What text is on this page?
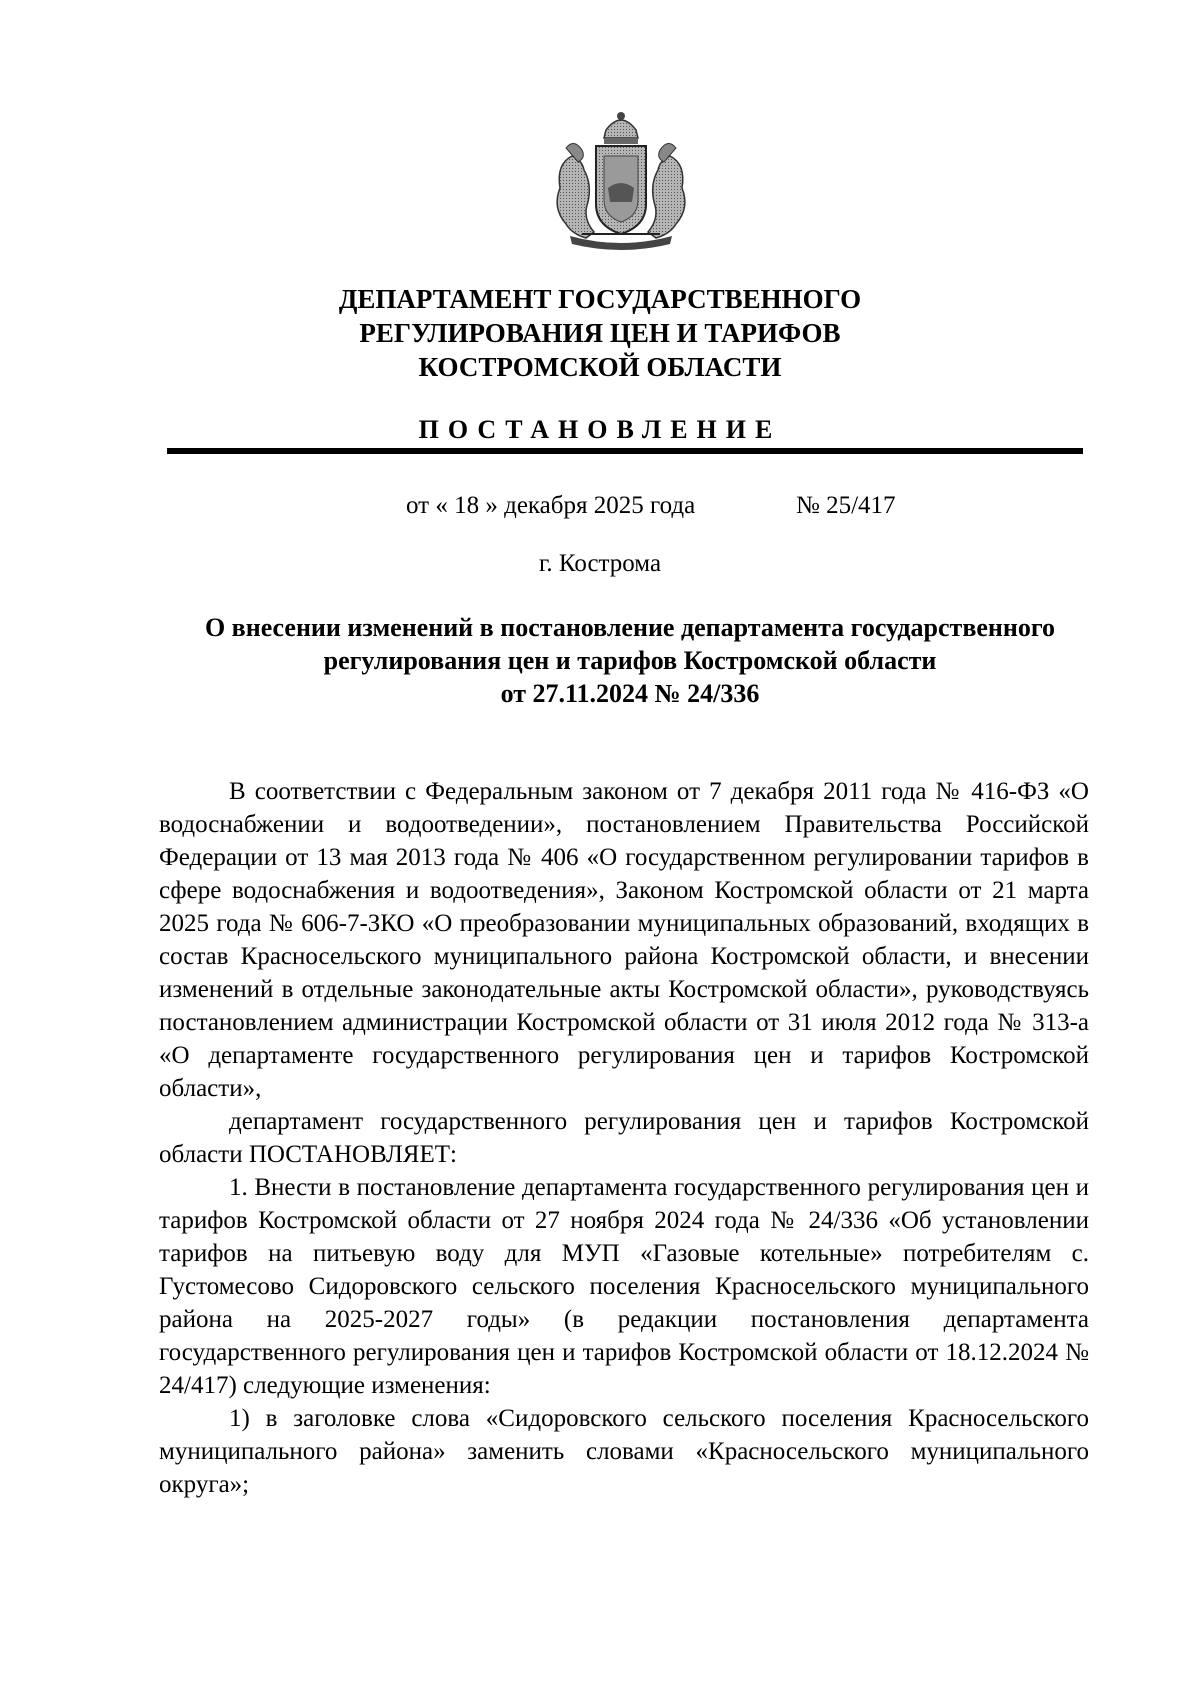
ДЕПАРТАМЕНТ ГОСУДАРСТВЕННОГО
РЕГУЛИРОВАНИЯ ЦЕН И ТАРИФОВ
КОСТРОМСКОЙ ОБЛАСТИ
ПОСТАНОВЛЕНИЕ
от « 18 » декабря 2025 года	№ 25/417
г. Кострома
О внесении изменений в постановление департамента государственного
регулирования цен и тарифов Костромской области
от 27.11.2024 № 24/336

В соответствии с Федеральным законом от 7 декабря 2011 года № 416-ФЗ «О водоснабжении и водоотведении», постановлением Правительства Российской Федерации от 13 мая 2013 года № 406 «О государственном регулировании тарифов в сфере водоснабжения и водоотведения», Законом Костромской области от 21 марта 2025 года № 606-7-ЗКО «О преобразовании муниципальных образований, входящих в состав Красносельского муниципального района Костромской области, и внесении изменений в отдельные законодательные акты Костромской области», руководствуясь постановлением администрации Костромской области от 31 июля 2012 года № 313-а «О департаменте государственного регулирования цен и тарифов Костромской области»,

департамент государственного регулирования цен и тарифов Костромской области ПОСТАНОВЛЯЕТ:

1. Внести в постановление департамента государственного регулирования цен и тарифов Костромской области от 27 ноября 2024 года № 24/336 «Об установлении тарифов на питьевую воду для МУП «Газовые котельные» потребителям с. Густомесово Сидоровского сельского поселения Красносельского муниципального района на 2025-2027 годы» (в редакции постановления департамента государственного регулирования цен и тарифов Костромской области от 18.12.2024 № 24/417) следующие изменения:

1) в заголовке слова «Сидоровского сельского поселения Красносельского муниципального района» заменить словами «Красносельского муниципального округа»;
